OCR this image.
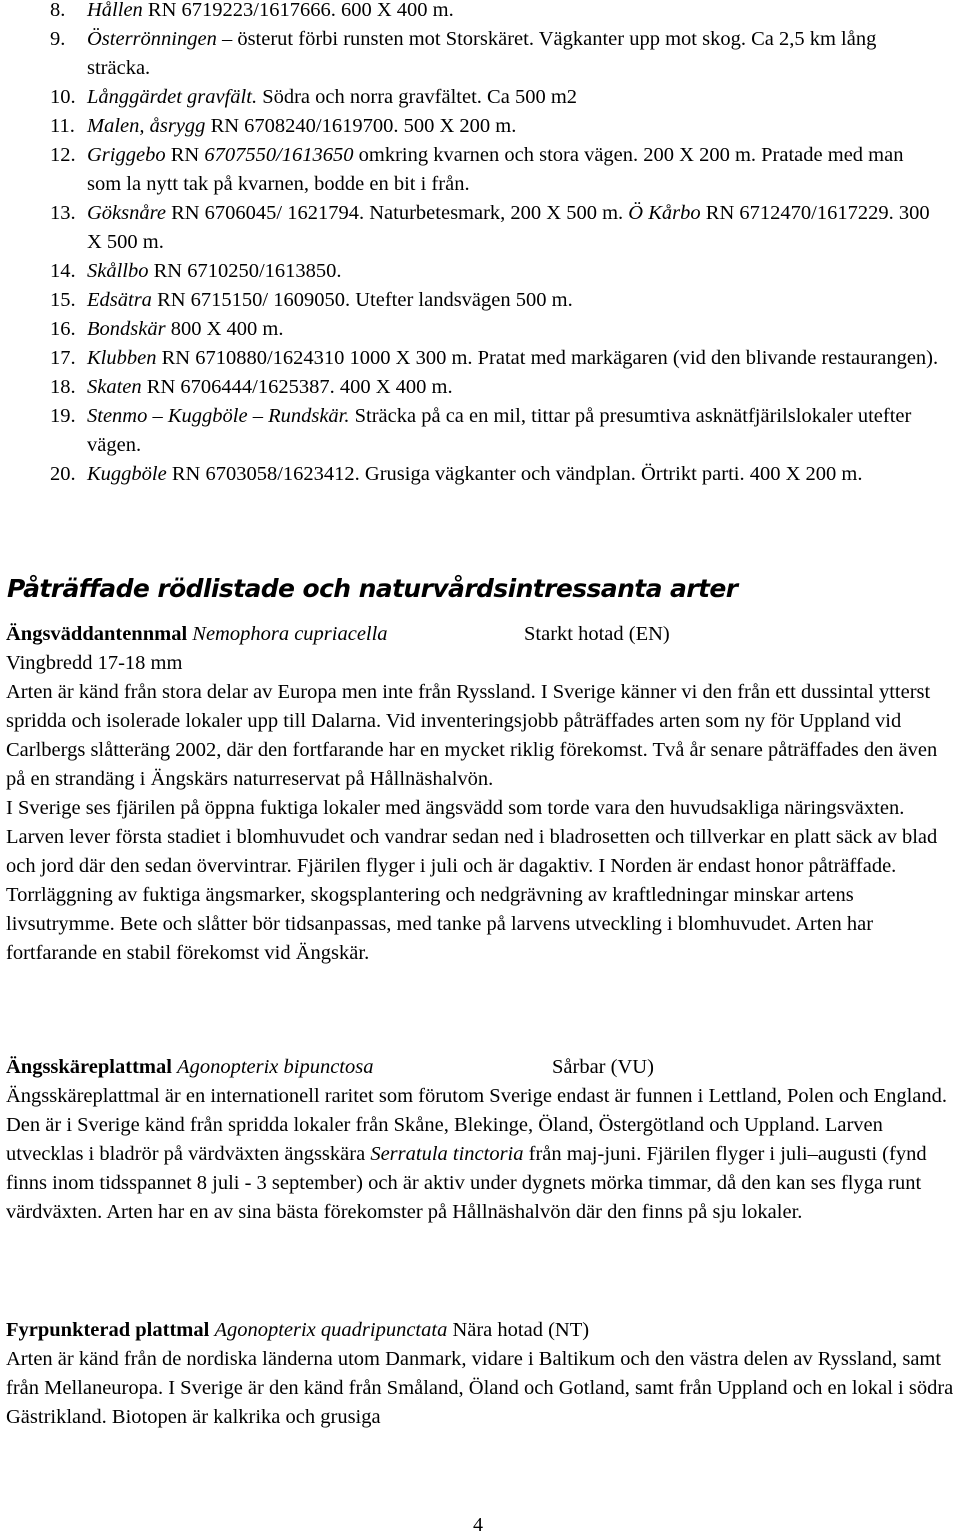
8. Hållen RN 6719223/1617666. 600 X 400 m.
9. Österrönningen – österut förbi runsten mot Storskäret. Vägkanter upp mot skog. Ca 2,5 km lång sträcka.
10. Långgärdet gravfält. Södra och norra gravfältet. Ca 500 m2
11. Malen, åsrygg RN 6708240/1619700. 500 X 200 m.
12. Griggebo RN 6707550/1613650 omkring kvarnen och stora vägen. 200 X 200 m. Pratade med man som la nytt tak på kvarnen, bodde en bit i från.
13. Göksnåre RN 6706045/ 1621794. Naturbetesmark, 200 X 500 m. Ö Kårbo RN 6712470/1617229. 300 X 500 m.
14. Skållbo RN 6710250/1613850.
15. Edsätra RN 6715150/ 1609050. Utefter landsvägen 500 m.
16. Bondskär 800 X 400 m.
17. Klubben RN 6710880/1624310 1000 X 300 m. Pratat med markägaren (vid den blivande restaurangen).
18. Skaten RN 6706444/1625387. 400 X 400 m.
19. Stenmo – Kuggböle – Rundskär. Sträcka på ca en mil, tittar på presumtiva asknätfjärilslokaler utefter vägen.
20. Kuggböle RN 6703058/1623412. Grusiga vägkanter och vändplan. Örtrikt parti. 400 X 200 m.
Påträffade rödlistade och naturvårdsintressanta arter
Ängsväddantennmal Nemophora cupriacella	Starkt hotad (EN)

Vingbredd 17-18 mm

Arten är känd från stora delar av Europa men inte från Ryssland. I Sverige känner vi den från ett dussintal ytterst spridda och isolerade lokaler upp till Dalarna. Vid inventeringsjobb påträffades arten som ny för Uppland vid Carlbergs slåtteräng 2002, där den fortfarande har en mycket riklig förekomst. Två år senare påträffades den även på en strandäng i Ängskärs naturreservat på Hållnäshalvön.

I Sverige ses fjärilen på öppna fuktiga lokaler med ängsvädd som torde vara den huvudsakliga näringsväxten. Larven lever första stadiet i blomhuvudet och vandrar sedan ned i bladrosetten och tillverkar en platt säck av blad och jord där den sedan övervintrar. Fjärilen flyger i juli och är dagaktiv. I Norden är endast honor påträffade.

Torrläggning av fuktiga ängsmarker, skogsplantering och nedgrävning av kraftledningar minskar artens livsutrymme. Bete och slåtter bör tidsanpassas, med tanke på larvens utveckling i blomhuvudet. Arten har fortfarande en stabil förekomst vid Ängskär.

Ängsskäreplattmal Agonopterix bipunctosa	Sårbar (VU)

Ängsskäreplattmal är en internationell raritet som förutom Sverige endast är funnen i Lettland, Polen och England. Den är i Sverige känd från spridda lokaler från Skåne, Blekinge, Öland, Östergötland och Uppland. Larven utvecklas i bladrör på värdväxten ängsskära Serratula tinctoria från maj-juni. Fjärilen flyger i juli–augusti (fynd finns inom tidsspannet 8 juli - 3 september) och är aktiv under dygnets mörka timmar, då den kan ses flyga runt värdväxten. Arten har en av sina bästa förekomster på Hållnäshalvön där den finns på sju lokaler.

Fyrpunkterad plattmal Agonopterix quadripunctata Nära hotad (NT)

Arten är känd från de nordiska länderna utom Danmark, vidare i Baltikum och den västra delen av Ryssland, samt från Mellaneuropa. I Sverige är den känd från Småland, Öland och Gotland, samt från Uppland och en lokal i södra Gästrikland. Biotopen är kalkrika och grusiga

4
